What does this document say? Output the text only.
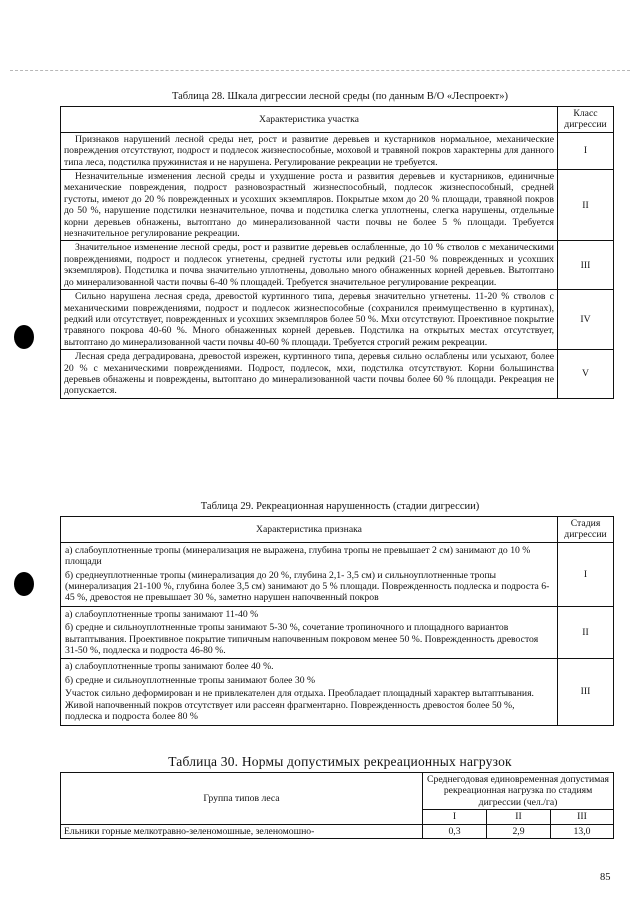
Таблица 28. Шкала дигрессии лесной среды (по данным В/О «Леспроект»)
Характеристика участка	Класс дигрессии
Признаков нарушений лесной среды нет, рост и развитие деревьев и кустарников нормальное, механические повреждения отсутствуют, подрост и подлесок жизнеспособные, моховой и травяной покров характерны для данного типа леса, подстилка пружинистая и не нарушена. Регулирование рекреации не требуется.	I
Незначительные изменения лесной среды и ухудшение роста и развития деревьев и кустарников, единичные механические повреждения, подрост разновозрастный жизнеспособный, подлесок жизнеспособный, средней густоты, имеют до 20 % поврежденных и усохших экземпляров. Покрытые мхом до 20 % площади, травяной покров до 50 %, нарушение подстилки незначительное, почва и подстилка слегка уплотнены, слегка нарушены, отдельные корни деревьев обнажены, вытоптано до минерализованной части почвы не более 5 % площади. Требуется незначительное регулирование рекреации.	II
Значительное изменение лесной среды, рост и развитие деревьев ослабленные, до 10 % стволов с механическими повреждениями, подрост и подлесок угнетены, средней густоты или редкий (21-50 % поврежденных и усохших экземпляров). Подстилка и почва значительно уплотнены, довольно много обнаженных корней деревьев. Вытоптано до минерализованной части почвы 6-40 % площадей. Требуется значительное регулирование рекреации.	III
Сильно нарушена лесная среда, древостой куртинного типа, деревья значительно угнетены. 11-20 % стволов с механическими повреждениями, подрост и подлесок жизнеспособные (сохранился преимущественно в куртинах), редкий или отсутствует, поврежденных и усохших экземпляров более 50 %. Мхи отсутствуют. Проективное покрытие травяного покрова 40-60 %. Много обнаженных корней деревьев. Подстилка на открытых местах отсутствует, вытоптано до минерализованной части почвы 40-60 % площади. Требуется строгий режим рекреации.	IV
Лесная среда деградирована, древостой изрежен, куртинного типа, деревья сильно ослаблены или усыхают, более 20 % с механическими повреждениями. Подрост, подлесок, мхи, подстилка отсутствуют. Корни большинства деревьев обнажены и повреждены, вытоптано до минерализованной части почвы более 60 % площади. Рекреация не допускается.	V
Таблица 29. Рекреационная нарушенность (стадии дигрессии)
Характеристика признака	Стадия дигрессии

а) слабоуплотненные тропы (минерализация не выражена, глубина тропы не превышает 2 см) занимают до 10 % площади

б) среднеуплотненные тропы (минерализация до 20 %, глубина 2,1- 3,5 см) и сильноуплотненные тропы (минерализация 21-100 %, глубина более 3,5 см) занимают до 5 % площади. Поврежденность подлеска и подроста 6-45 %, древостоя не превышает 30 %, заметно нарушен напочвенный покров	I

а) слабоуплотненные тропы занимают 11-40 %

б) средне и сильноуплотненные тропы занимают 5-30 %, сочетание тропиночного и площадного вариантов вытаптывания. Проективное покрытие типичным напочвенным покровом менее 50 %. Поврежденность древостоя 31-50 %, подлеска и подроста 46-80 %.	II

а) слабоуплотненные тропы занимают более 40 %.

б) средне и сильноуплотненные тропы занимают более 30 %

Участок сильно деформирован и не привлекателен для отдыха. Преобладает площадный характер вытаптывания. Живой напочвенный покров отсутствует или рассеян фрагментарно. Поврежденность древостоя более 50 %, подлеска и подроста более 80 %	III
Таблица 30. Нормы допустимых рекреационных нагрузок
Группа типов леса	Среднегодовая единовременная допустимая рекреационная нагрузка по стадиям дигрессии (чел./га)		
	I	II	III
Ельники горные мелкотравно-зеленомошные, зеленомошно-	0,3	2,9	13,0
85
